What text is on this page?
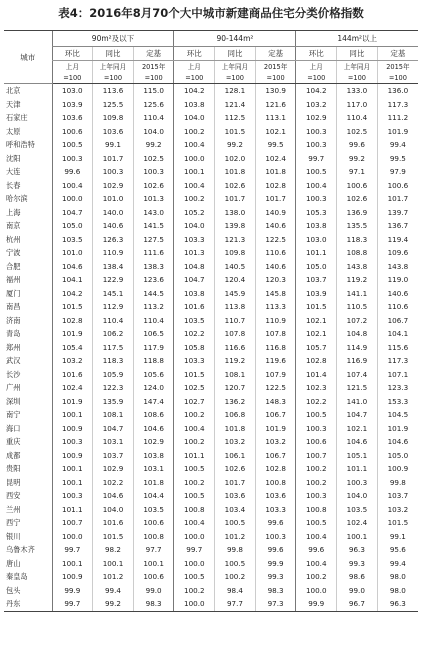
表4：2016年8月70个大中城市新建商品住宅分类价格指数
城市	90m²及以下			90-144m²			144m²以上		
	环比	同比	定基	环比	同比	定基	环比	同比	定基
	上月	上年同月	2015年	上月	上年同月	2015年	上月	上年同月	2015年
	=100	=100	=100	=100	=100	=100	=100	=100	=100
北京	103.0	113.6	115.0	104.2	128.1	130.9	104.2	133.0	136.0
天津	103.9	125.5	125.6	103.8	121.4	121.6	103.2	117.0	117.3
石家庄	103.6	109.8	110.4	104.0	112.5	113.1	102.9	110.4	111.2
太原	100.6	103.6	104.0	100.2	101.5	102.1	100.3	102.5	101.9
呼和浩特	100.5	99.1	99.2	100.4	99.2	99.5	100.3	99.6	99.4
沈阳	100.3	101.7	102.5	100.0	102.0	102.4	99.7	99.2	99.5
大连	99.6	100.3	100.3	100.1	101.8	101.8	100.5	97.1	97.9
长春	100.4	102.9	102.6	100.4	102.6	102.8	100.4	100.6	100.6
哈尔滨	100.0	101.0	101.3	100.2	101.7	101.7	100.3	102.6	101.7
上海	104.7	140.0	143.0	105.2	138.0	140.9	105.3	136.9	139.7
南京	105.0	140.6	141.5	104.0	139.8	140.6	103.8	135.5	136.7
杭州	103.5	126.3	127.5	103.3	121.3	122.5	103.0	118.3	119.4
宁波	101.0	110.9	111.6	101.3	109.8	110.6	101.1	108.8	109.6
合肥	104.6	138.4	138.3	104.8	140.5	140.6	105.0	143.8	143.8
福州	104.1	122.9	123.6	104.7	120.4	120.3	103.7	119.2	119.0
厦门	104.2	145.1	144.5	103.8	145.9	145.8	103.9	141.1	140.6
南昌	101.5	112.9	113.2	101.6	113.8	113.3	101.5	110.5	110.6
济南	102.8	110.4	110.4	103.5	110.7	110.9	102.1	107.2	106.7
青岛	101.9	106.2	106.5	102.2	107.8	107.8	102.1	104.8	104.1
郑州	105.4	117.5	117.9	105.8	116.6	116.8	105.7	114.9	115.6
武汉	103.2	118.3	118.8	103.3	119.2	119.6	102.8	116.9	117.3
长沙	101.6	105.9	105.6	101.5	108.1	107.9	101.4	107.4	107.1
广州	102.4	122.3	124.0	102.5	120.7	122.5	102.3	121.5	123.3
深圳	101.9	135.9	147.4	102.7	136.2	148.3	102.2	141.0	153.3
南宁	100.1	108.1	108.6	100.2	106.8	106.7	100.5	104.7	104.5
海口	100.9	104.7	104.6	100.4	101.8	101.9	100.3	102.1	101.9
重庆	100.3	103.1	102.9	100.2	103.2	103.2	100.6	104.6	104.6
成都	100.9	103.7	103.8	101.1	106.1	106.7	100.7	105.1	105.0
贵阳	100.1	102.9	103.1	100.5	102.6	102.8	100.2	101.1	100.9
昆明	100.1	102.2	101.8	100.2	101.7	100.8	100.2	100.3	99.8
西安	100.3	104.6	104.4	100.5	103.6	103.6	100.3	104.0	103.7
兰州	101.1	104.0	103.5	100.8	103.4	103.3	100.8	103.5	103.2
西宁	100.7	101.6	100.6	100.4	100.5	99.6	100.5	102.4	101.5
银川	100.0	101.5	100.8	100.0	101.2	100.3	100.4	100.1	99.1
乌鲁木齐	99.7	98.2	97.7	99.7	99.8	99.6	99.6	96.3	95.6
唐山	100.1	100.1	100.1	100.0	100.5	99.9	100.4	99.3	99.4
秦皇岛	100.9	101.2	100.6	100.5	100.2	99.3	100.2	98.6	98.0
包头	99.9	99.4	99.0	100.2	98.4	98.3	100.0	99.0	98.0
丹东	99.7	99.2	98.3	100.0	97.7	97.3	99.9	96.7	96.3
